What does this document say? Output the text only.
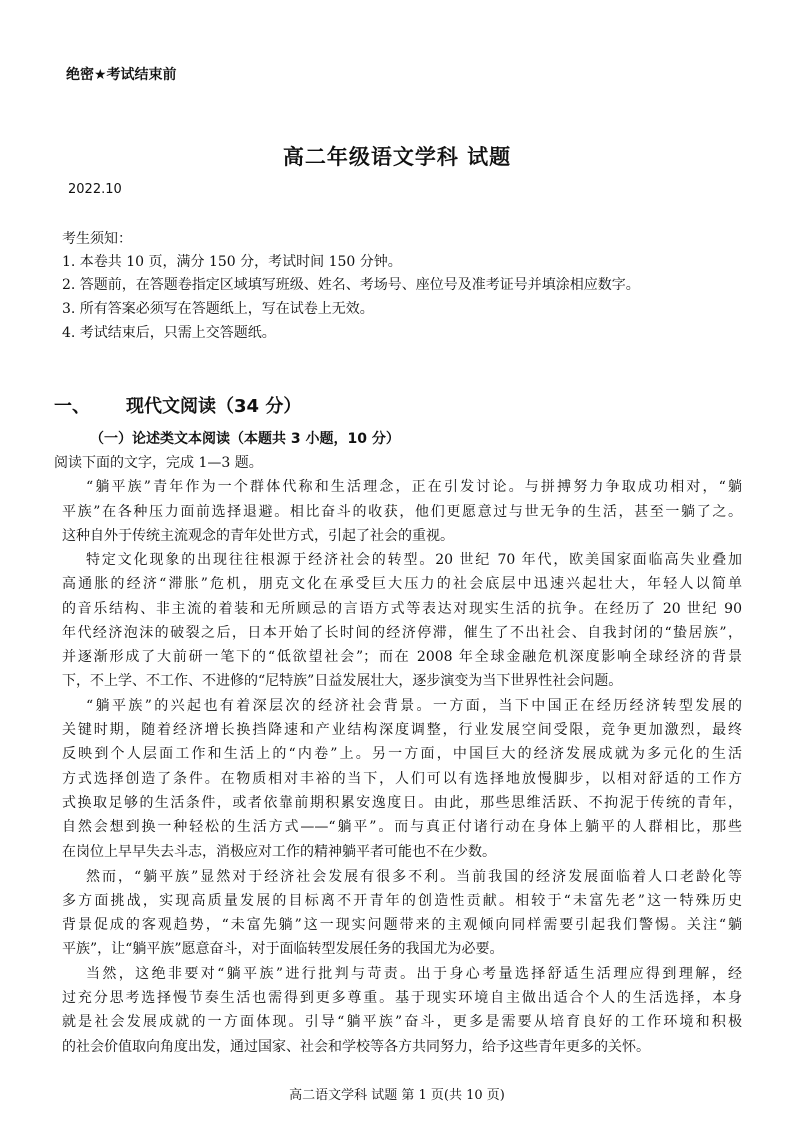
绝密★考试结束前
高二年级语文学科 试题
2022.10
考生须知：
1. 本卷共 10 页，满分 150 分，考试时间 150 分钟。
2. 答题前，在答题卷指定区域填写班级、姓名、考场号、座位号及准考证号并填涂相应数字。
3. 所有答案必须写在答题纸上，写在试卷上无效。
4. 考试结束后，只需上交答题纸。
一、 现代文阅读（34 分）
（一）论述类文本阅读（本题共 3 小题，10 分）
阅读下面的文字，完成 1—3 题。
“躺平族”青年作为一个群体代称和生活理念，正在引发讨论。与拼搏努力争取成功相对，“躺
平族”在各种压力面前选择退避。相比奋斗的收获，他们更愿意过与世无争的生活，甚至一躺了之。
这种自外于传统主流观念的青年处世方式，引起了社会的重视。
特定文化现象的出现往往根源于经济社会的转型。20 世纪 70 年代，欧美国家面临高失业叠加
高通胀的经济“滞胀”危机，朋克文化在承受巨大压力的社会底层中迅速兴起壮大，年轻人以简单
的音乐结构、非主流的着装和无所顾忌的言语方式等表达对现实生活的抗争。在经历了 20 世纪 90
年代经济泡沫的破裂之后，日本开始了长时间的经济停滞，催生了不出社会、自我封闭的“蛰居族”，
并逐渐形成了大前研一笔下的“低欲望社会”；而在 2008 年全球金融危机深度影响全球经济的背景
下，不上学、不工作、不进修的“尼特族”日益发展壮大，逐步演变为当下世界性社会问题。
“躺平族”的兴起也有着深层次的经济社会背景。一方面，当下中国正在经历经济转型发展的
关键时期，随着经济增长换挡降速和产业结构深度调整，行业发展空间受限，竞争更加激烈，最终
反映到个人层面工作和生活上的“内卷”上。另一方面，中国巨大的经济发展成就为多元化的生活
方式选择创造了条件。在物质相对丰裕的当下，人们可以有选择地放慢脚步，以相对舒适的工作方
式换取足够的生活条件，或者依靠前期积累安逸度日。由此，那些思维活跃、不拘泥于传统的青年，
自然会想到换一种轻松的生活方式——“躺平”。而与真正付诸行动在身体上躺平的人群相比，那些
在岗位上早早失去斗志，消极应对工作的精神躺平者可能也不在少数。
然而，“躺平族”显然对于经济社会发展有很多不利。当前我国的经济发展面临着人口老龄化等
多方面挑战，实现高质量发展的目标离不开青年的创造性贡献。相较于“未富先老”这一特殊历史
背景促成的客观趋势，“未富先躺”这一现实问题带来的主观倾向同样需要引起我们警惕。关注“躺
平族”，让“躺平族”愿意奋斗，对于面临转型发展任务的我国尤为必要。
当然，这绝非要对“躺平族”进行批判与苛责。出于身心考量选择舒适生活理应得到理解，经
过充分思考选择慢节奏生活也需得到更多尊重。基于现实环境自主做出适合个人的生活选择，本身
就是社会发展成就的一方面体现。引导“躺平族”奋斗，更多是需要从培育良好的工作环境和积极
的社会价值取向角度出发，通过国家、社会和学校等各方共同努力，给予这些青年更多的关怀。
高二语文学科 试题 第 1 页(共 10 页)
